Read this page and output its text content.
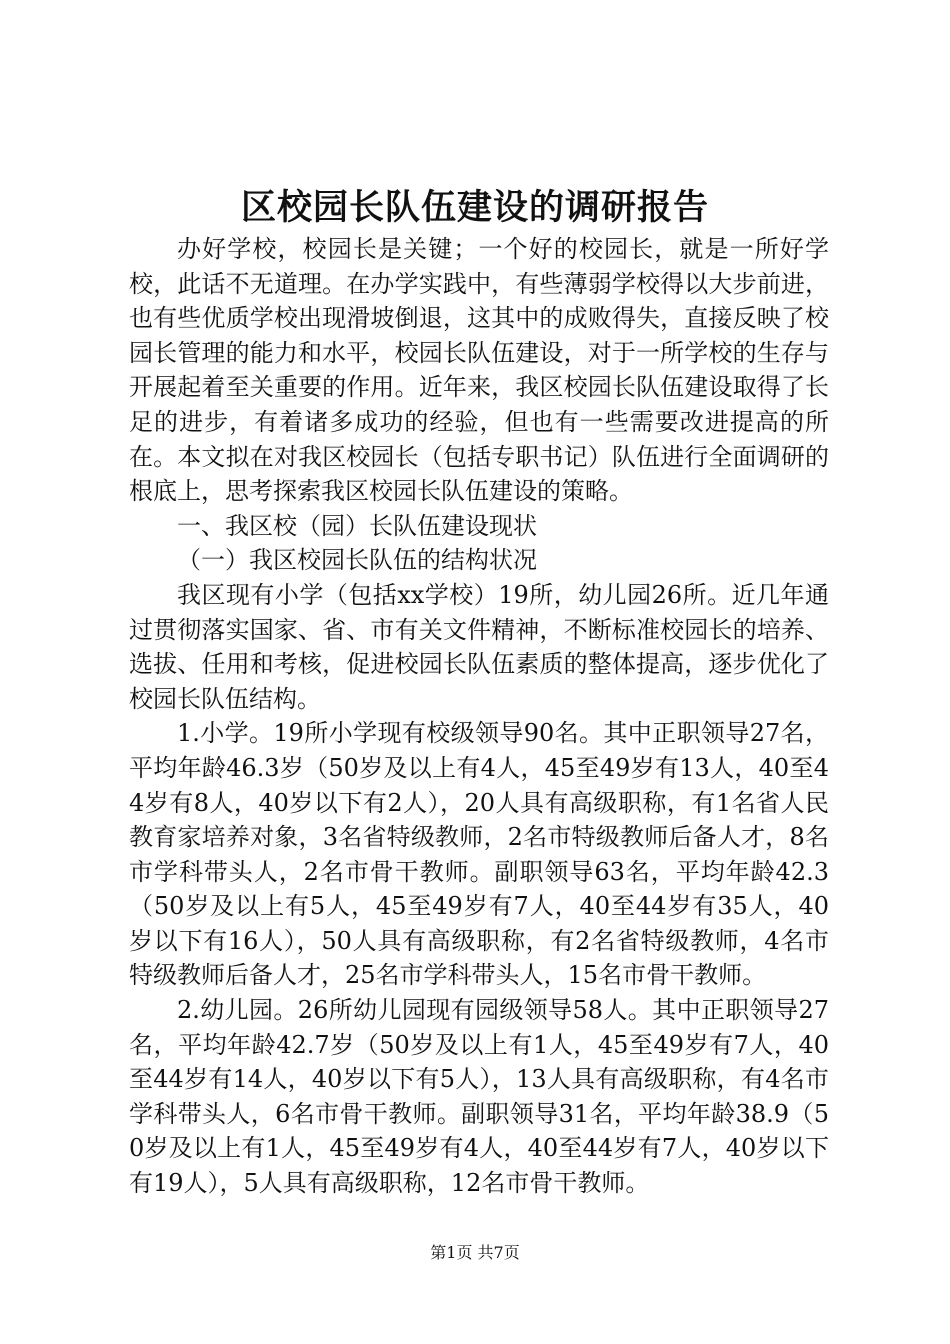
区校园长队伍建设的调研报告

办好学校，校园长是关键；一个好的校园长，就是一所好学校，此话不无道理。在办学实践中，有些薄弱学校得以大步前进，也有些优质学校出现滑坡倒退，这其中的成败得失，直接反映了校园长管理的能力和水平，校园长队伍建设，对于一所学校的生存与开展起着至关重要的作用。近年来，我区校园长队伍建设取得了长足的进步，有着诸多成功的经验，但也有一些需要改进提高的所在。本文拟在对我区校园长（包括专职书记）队伍进行全面调研的根底上，思考探索我区校园长队伍建设的策略。

一、我区校（园）长队伍建设现状

（一）我区校园长队伍的结构状况

我区现有小学（包括xx学校）19所，幼儿园26所。近几年通过贯彻落实国家、省、市有关文件精神，不断标准校园长的培养、选拔、任用和考核，促进校园长队伍素质的整体提高，逐步优化了校园长队伍结构。

1.小学。19所小学现有校级领导90名。其中正职领导27名，平均年龄46.3岁（50岁及以上有4人，45至49岁有13人，40至44岁有8人，40岁以下有2人），20人具有高级职称，有1名省人民教育家培养对象，3名省特级教师，2名市特级教师后备人才，8名市学科带头人，2名市骨干教师。副职领导63名，平均年龄42.3（50岁及以上有5人，45至49岁有7人，40至44岁有35人，40岁以下有16人），50人具有高级职称，有2名省特级教师，4名市特级教师后备人才，25名市学科带头人，15名市骨干教师。

2.幼儿园。26所幼儿园现有园级领导58人。其中正职领导27名，平均年龄42.7岁（50岁及以上有1人，45至49岁有7人，40至44岁有14人，40岁以下有5人），13人具有高级职称，有4名市学科带头人，6名市骨干教师。副职领导31名，平均年龄38.9（50岁及以上有1人，45至49岁有4人，40至44岁有7人，40岁以下有19人），5人具有高级职称，12名市骨干教师。

第1页 共7页
